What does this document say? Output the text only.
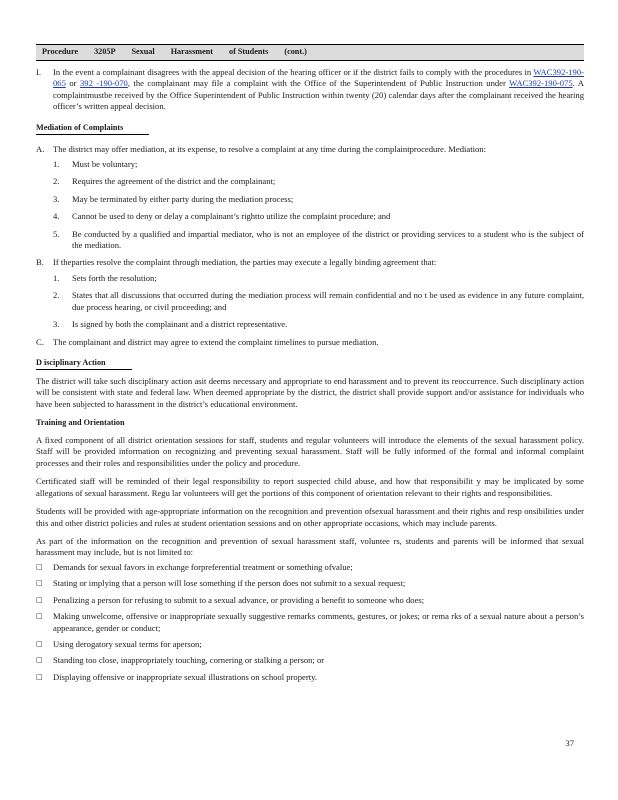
Procedure 3205P Sexual Harassment of Students (cont.)
I.	In the event a complainant disagrees with the appeal decision of the hearing officer or if the district fails to comply with the procedures in WAC392-190-065 or 392 -190-070, the complainant may file a complaint with the Office of the Superintendent of Public Instruction under WAC392-190-075. A complaintmustbe received by the Office Superintendent of Public Instruction within twenty (20) calendar days after the complainant received the hearing officer’s written appeal decision.
Mediation of Complaints
A.	The district may offer mediation, at its expense, to resolve a complaint at any time during the complaintprocedure. Mediation:
1.	Must be voluntary;
2.	Requires the agreement of the district and the complainant;
3.	May be terminated by either party during the mediation process;
4.	Cannot be used to deny or delay a complainant’s rightto utilize the complaint procedure; and
5.	Be conducted by a qualified and impartial mediator, who is not an employee of the district or providing services to a student who is the subject of the mediation.
B.	If theparties resolve the complaint through mediation, the parties may execute a legally binding agreement that:
1.	Sets forth the resolution;
2.	States that all discussions that occurred during the mediation process will remain confidential and no t be used as evidence in any future complaint, due process hearing, or civil proceeding; and
3.	Is signed by both the complainant and a district representative.
C.	The complainant and district may agree to extend the complaint timelines to pursue mediation.
D isciplinary Action
The district will take such disciplinary action asit deems necessary and appropriate to end harassment and to prevent its reoccurrence. Such disciplinary action will be consistent with state and federal law. When deemed appropriate by the district, the district shall provide support and/or assistance for individuals who have been subjected to harassment in the district’s educational environment.
Training and Orientation
A fixed component of all district orientation sessions for staff, students and regular volunteers will introduce the elements of the sexual harassment policy. Staff will be provided information on recognizing and preventing sexual harassment. Staff will be fully informed of the formal and informal complaint processes and their roles and responsibilities under the policy and procedure.
Certificated staff will be reminded of their legal responsibility to report suspected child abuse, and how that responsibilit y may be implicated by some allegations of sexual harassment. Regu lar volunteers will get the portions of this component of orientation relevant to their rights and responsibilities.
Students will be provided with age-appropriate information on the recognition and prevention ofsexual harassment and their rights and resp onsibilities under this and other district policies and rules at student orientation sessions and on other appropriate occasions, which may include parents.
As part of the information on the recognition and prevention of sexual harassment staff, voluntee rs, students and parents will be informed that sexual harassment may include, but is not limited to:
□	Demands for sexual favors in exchange forpreferential treatment or something ofvalue;
□	Stating or implying that a person will lose something if the person does not submit to a sexual request;
□	Penalizing a person for refusing to submit to a sexual advance, or providing a benefit to someone who does;
□	Making unwelcome, offensive or inappropriate sexually suggestive remarks comments, gestures, or jokes; or rema rks of a sexual nature about a person’s appearance, gender or conduct;
□	Using derogatory sexual terms for aperson;
□	Standing too close, inappropriately touching, cornering or stalking a person; or
□	Displaying offensive or inappropriate sexual illustrations on school property.
37
